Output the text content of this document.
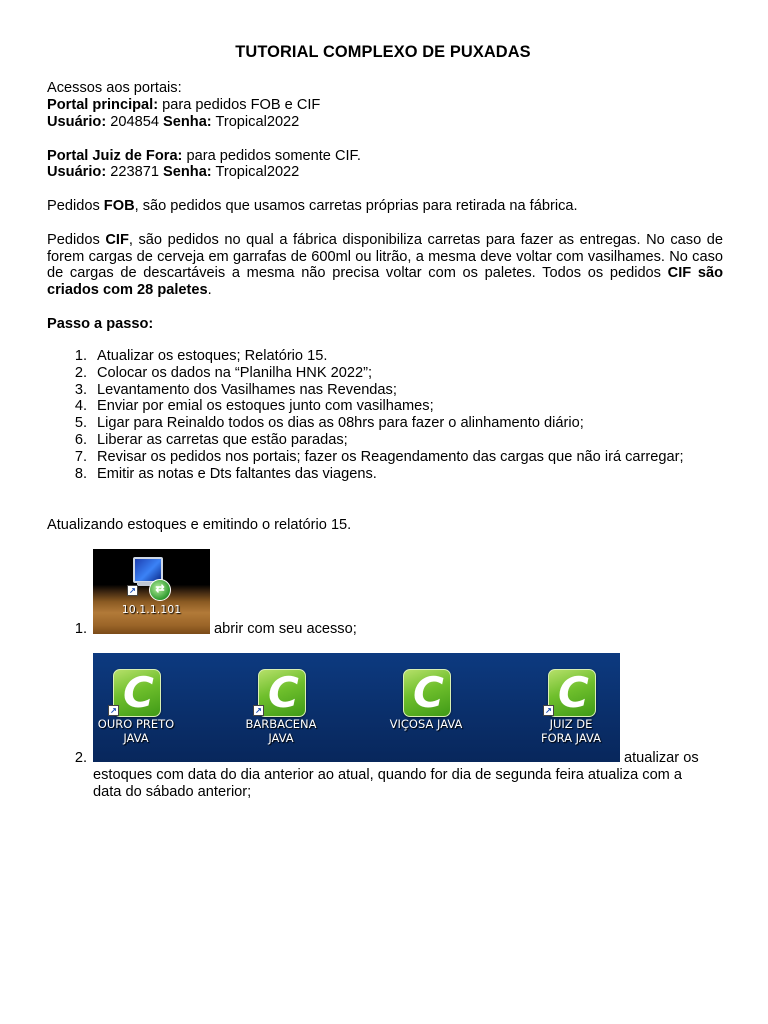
TUTORIAL COMPLEXO DE PUXADAS
Acessos aos portais:
Portal principal: para pedidos FOB e CIF
Usuário: 204854 Senha: Tropical2022
Portal Juiz de Fora: para pedidos somente CIF.
Usuário: 223871 Senha: Tropical2022
Pedidos FOB, são pedidos que usamos carretas próprias para retirada na fábrica.
Pedidos CIF, são pedidos no qual a fábrica disponibiliza carretas para fazer as entregas. No caso de forem cargas de cerveja em garrafas de 600ml ou litrão, a mesma deve voltar com vasilhames. No caso de cargas de descartáveis a mesma não precisa voltar com os paletes. Todos os pedidos CIF são criados com 28 paletes.
Passo a passo:
1. Atualizar os estoques; Relatório 15.
2. Colocar os dados na “Planilha HNK 2022”;
3. Levantamento dos Vasilhames nas Revendas;
4. Enviar por emial os estoques junto com vasilhames;
5. Ligar para Reinaldo todos os dias as 08hrs para fazer o alinhamento diário;
6. Liberar as carretas que estão paradas;
7. Revisar os pedidos nos portais; fazer os Reagendamento das cargas que não irá carregar;
8. Emitir as notas e Dts faltantes das viagens.
Atualizando estoques e emitindo o relatório 15.
1.	abrir com seu acesso;
↗	⇄
10.1.1.101
2.	atualizar os
estoques com data do dia anterior ao atual, quando for dia de segunda feira atualiza com a
data do sábado anterior;
C
↗
OURO PRETO
JAVA
C
↗
BARBACENA
JAVA
C
VIÇOSA JAVA

C
↗
JUIZ DE
FORA JAVA
